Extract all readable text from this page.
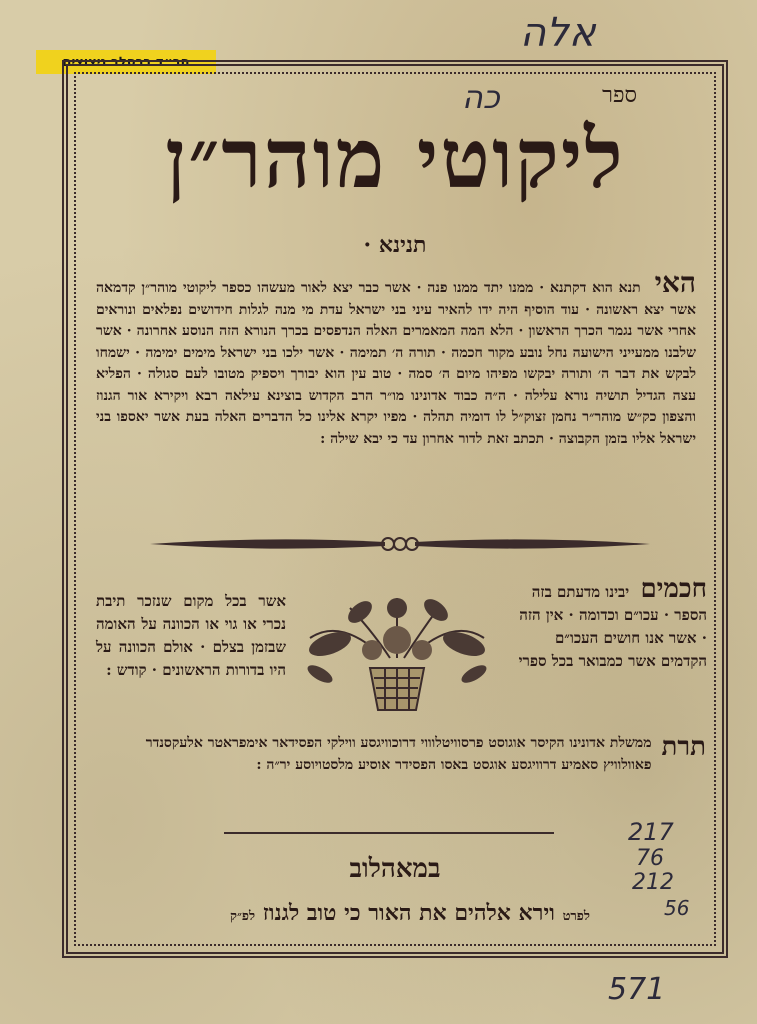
חב״ד ברסלב ניצוצים
אלה
כה	ספר
ליקוטי מוהר״ן
תנינא ·
האי תנא הוא דקתנא · ממנו יתד ממנו פנה · אשר כבר יצא לאור מעשהו כספר ליקוטי מוהר״ן קדמאה אשר יצא ראשונה · עוד הוסיף היה ידו להאיר עיני בני ישראל עדת מי מנה לגלות חידושים נפלאים ונוראים אחרי אשר נגמר הכרך הראשון · הלא המה המאמרים האלה הנדפסים בכרך הנורא הזה הנוסע אחרונה · אשר שלבנו ממעייני הישועה נחל נובע מקור חכמה · תורה ה׳ תמימה · אשר ילכו בני ישראל מימים ימימה · ישמחו לבקש את דבר ה׳ ותורה יבקשו מפיהו מיום ה׳ סמה · טוב עין הוא יבורך ויספיק מטובו לעם סגולה · הפליא עצה הגדיל תושיה נורא עלילה · ה״ה כבוד אדונינו מו״ר הרב הקדוש בוצינא עילאה רבא ויקירא אור הגנוז והצפון כק״ש מוהר״ר נחמן זצוק״ל לו דומיה תהלה · מפיו יקרא אלינו כל הדברים האלה בעת אשר יאספו בני ישראל אליו בזמן הקבוצה · תכתב זאת לדור אחרון עד כי יבא שילה :
חכמים יבינו מדעתם בזה הספר · עכו״ם וכדומה · אין הזה · אשר אנו חושים העכו״ם הקדמים אשר כמבואר בכל ספרי
אשר בכל מקום שנזכר תיבת נכרי או גוי או הכוונה על האומה שבזמן בצלם · אולם הכוונה על היו בדורות הראשונים · קודש :
תרת
ממשלת אדונינו הקיסר אוגוסט פרסוויטלוווי דרוכוויגסע ווילקי הפסידאר אימפראטר אלעקסנדר פאוולוויץ סאמיע דרוויגסע אוגסט באסו הפסידר אוסיע מלסטויוסע יר״ה :
217
76
212
במאהלוב
לפרט וירא אלהים את האור כי טוב לגנוז לפ״ק	56
571
